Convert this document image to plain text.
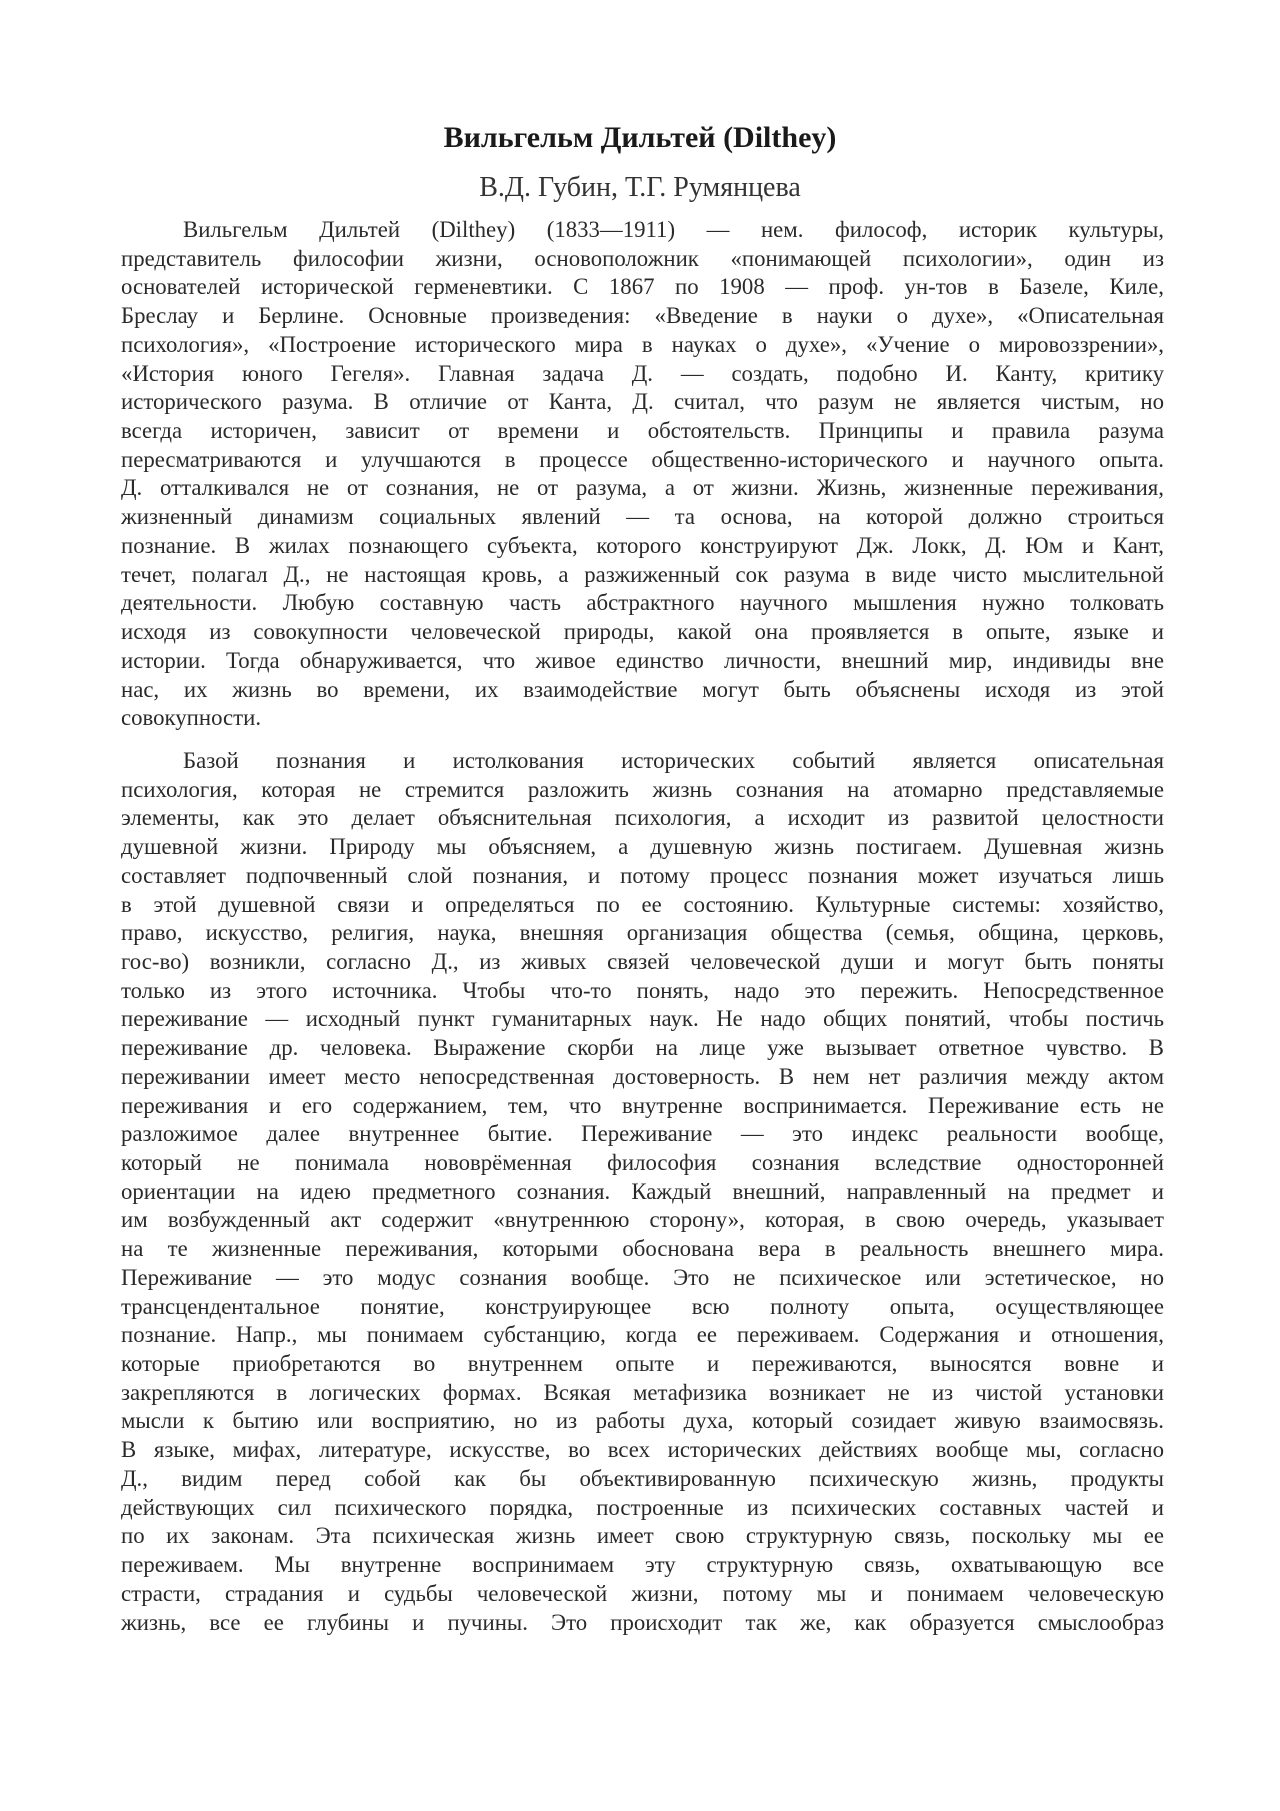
Вильгельм Дильтей (Dilthey)

В.Д. Губин, Т.Г. Румянцева

Вильгельм Дильтей (Dilthey) (1833—1911) — нем. философ, историк культуры,
представитель философии жизни, основоположник «понимающей психологии», один из
основателей исторической герменевтики. С 1867 по 1908 — проф. ун-тов в Базеле, Киле,
Бреслау и Берлине. Основные произведения: «Введение в науки о духе», «Описательная
психология», «Построение исторического мира в науках о духе», «Учение о мировоззрении»,
«История юного Гегеля». Главная задача Д. — создать, подобно И. Канту, критику
исторического разума. В отличие от Канта, Д. считал, что разум не является чистым, но
всегда историчен, зависит от времени и обстоятельств. Принципы и правила разума
пересматриваются и улучшаются в процессе общественно-исторического и научного опыта.
Д. отталкивался не от сознания, не от разума, а от жизни. Жизнь, жизненные переживания,
жизненный динамизм социальных явлений — та основа, на которой должно строиться
познание. В жилах познающего субъекта, которого конструируют Дж. Локк, Д. Юм и Кант,
течет, полагал Д., не настоящая кровь, а разжиженный сок разума в виде чисто мыслительной
деятельности. Любую составную часть абстрактного научного мышления нужно толковать
исходя из совокупности человеческой природы, какой она проявляется в опыте, языке и
истории. Тогда обнаруживается, что живое единство личности, внешний мир, индивиды вне
нас, их жизнь во времени, их взаимодействие могут быть объяснены исходя из этой
совокупности.

Базой познания и истолкования исторических событий является описательная
психология, которая не стремится разложить жизнь сознания на атомарно представляемые
элементы, как это делает объяснительная психология, а исходит из развитой целостности
душевной жизни. Природу мы объясняем, а душевную жизнь постигаем. Душевная жизнь
составляет подпочвенный слой познания, и потому процесс познания может изучаться лишь
в этой душевной связи и определяться по ее состоянию. Культурные системы: хозяйство,
право, искусство, религия, наука, внешняя организация общества (семья, община, церковь,
гос-во) возникли, согласно Д., из живых связей человеческой души и могут быть поняты
только из этого источника. Чтобы что-то понять, надо это пережить. Непосредственное
переживание — исходный пункт гуманитарных наук. Не надо общих понятий, чтобы постичь
переживание др. человека. Выражение скорби на лице уже вызывает ответное чувство. В
переживании имеет место непосредственная достоверность. В нем нет различия между актом
переживания и его содержанием, тем, что внутренне воспринимается. Переживание есть не
разложимое далее внутреннее бытие. Переживание — это индекс реальности вообще,
который не понимала нововрёменная философия сознания вследствие односторонней
ориентации на идею предметного сознания. Каждый внешний, направленный на предмет и
им возбужденный акт содержит «внутреннюю сторону», которая, в свою очередь, указывает
на те жизненные переживания, которыми обоснована вера в реальность внешнего мира.
Переживание — это модус сознания вообще. Это не психическое или эстетическое, но
трансцендентальное понятие, конструирующее всю полноту опыта, осуществляющее
познание. Напр., мы понимаем субстанцию, когда ее переживаем. Содержания и отношения,
которые приобретаются во внутреннем опыте и переживаются, выносятся вовне и
закрепляются в логических формах. Всякая метафизика возникает не из чистой установки
мысли к бытию или восприятию, но из работы духа, который созидает живую взаимосвязь.
В языке, мифах, литературе, искусстве, во всех исторических действиях вообще мы, согласно
Д., видим перед собой как бы объективированную психическую жизнь, продукты
действующих сил психического порядка, построенные из психических составных частей и
по их законам. Эта психическая жизнь имеет свою структурную связь, поскольку мы ее
переживаем. Мы внутренне воспринимаем эту структурную связь, охватывающую все
страсти, страдания и судьбы человеческой жизни, потому мы и понимаем человеческую
жизнь, все ее глубины и пучины. Это происходит так же, как образуется смыслообраз
